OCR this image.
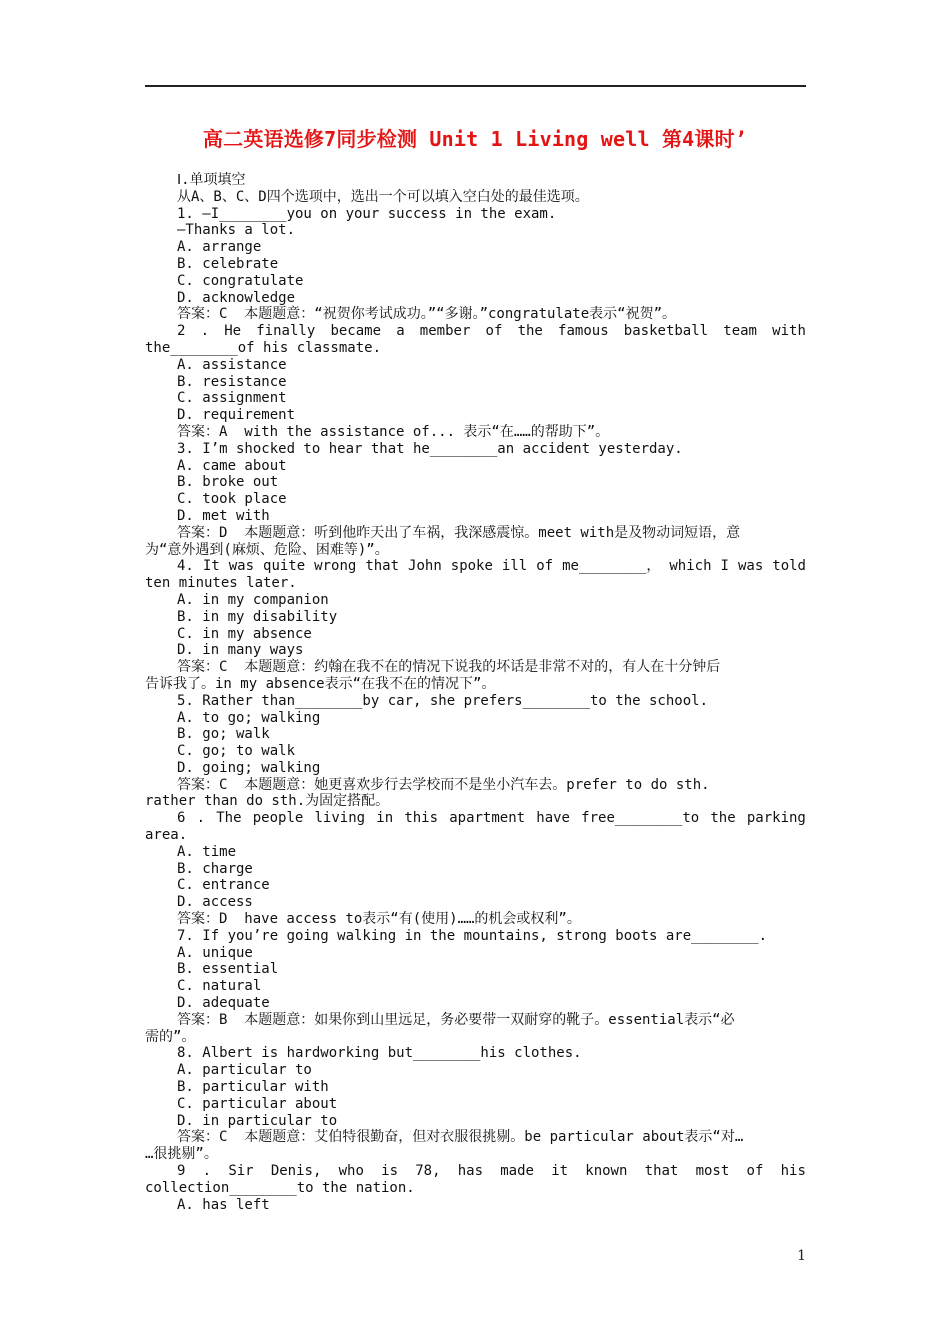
高二英语选修7同步检测 Unit 1 Living well 第4课时’
Ⅰ.单项填空
从A、B、C、D四个选项中，选出一个可以填入空白处的最佳选项。
1. —I________you on your success in the exam.
—Thanks a lot.
A. arrange
B. celebrate
C. congratulate
D. acknowledge
答案：C  本题题意：“祝贺你考试成功。”“多谢。”congratulate表示“祝贺”。
2 . He finally became a member of the famous basketball team with
the________of his classmate.
A. assistance
B. resistance
C. assignment
D. requirement
答案：A  with the assistance of... 表示“在……的帮助下”。
3. I’m shocked to hear that he________an accident yesterday.
A. came about
B. broke out
C. took place
D. met with
答案：D  本题题意：听到他昨天出了车祸，我深感震惊。meet with是及物动词短语，意
为“意外遇到(麻烦、危险、困难等)”。
4. It was quite wrong that John spoke ill of me________， which I was told
ten minutes later.
A. in my companion
B. in my disability
C. in my absence
D. in many ways
答案：C  本题题意：约翰在我不在的情况下说我的坏话是非常不对的，有人在十分钟后
告诉我了。in my absence表示“在我不在的情况下”。
5. Rather than________by car, she prefers________to the school.
A. to go; walking
B. go; walk
C. go; to walk
D. going; walking
答案：C  本题题意：她更喜欢步行去学校而不是坐小汽车去。prefer to do sth.
rather than do sth.为固定搭配。
6 . The people living in this apartment have free________to the parking
area.
A. time
B. charge
C. entrance
D. access
答案：D  have access to表示“有(使用)……的机会或权利”。
7. If you’re going walking in the mountains, strong boots are________.
A. unique
B. essential
C. natural
D. adequate
答案：B  本题题意：如果你到山里远足，务必要带一双耐穿的靴子。essential表示“必
需的”。
8. Albert is hardworking but________his clothes.
A. particular to
B. particular with
C. particular about
D. in particular to
答案：C  本题题意：艾伯特很勤奋，但对衣服很挑剔。be particular about表示“对…
…很挑剔”。
9 . Sir Denis, who is 78, has made it known that most of his
collection________to the nation.
A. has left
1
